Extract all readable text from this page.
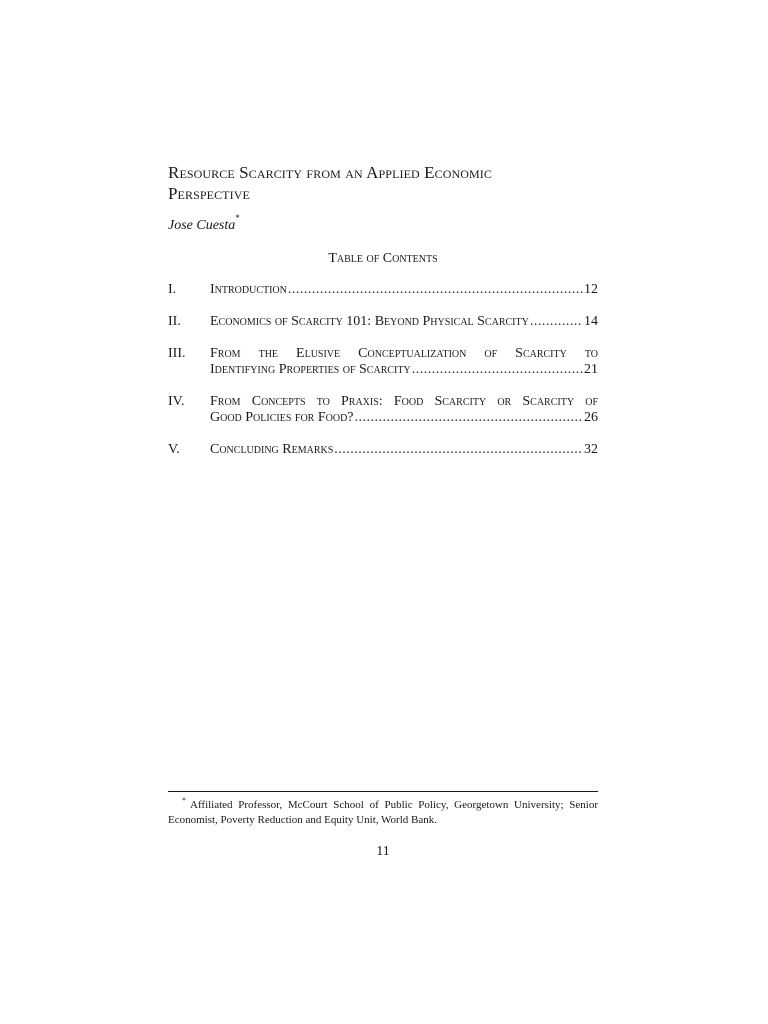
Resource Scarcity from an Applied Economic
Perspective
Jose Cuesta*
Table of Contents
I. Introduction .....	12
II. Economics of Scarcity 101: Beyond Physical Scarcity .....	14
III. From the Elusive Conceptualization of Scarcity to
Identifying Properties of Scarcity .....	21
IV. From Concepts to Praxis: Food Scarcity or Scarcity of
Good Policies for Food? .....	26
V. Concluding Remarks .....	32
* Affiliated Professor, McCourt School of Public Policy, Georgetown University; Senior Economist, Poverty Reduction and Equity Unit, World Bank.
11
